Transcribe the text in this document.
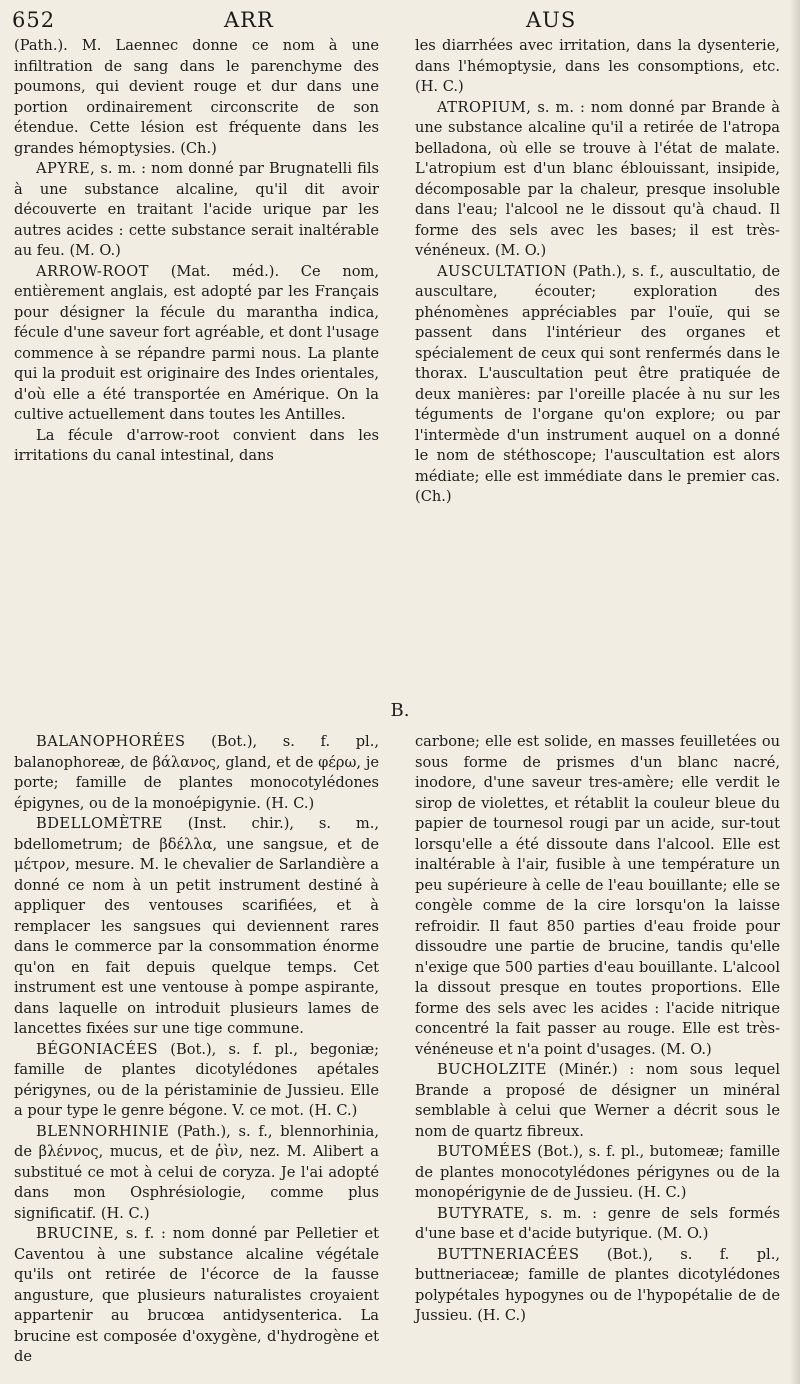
652	ARR	AUS

(Path.). M. Laennec donne ce nom à une infiltration de sang dans le parenchyme des poumons, qui devient rouge et dur dans une portion ordinairement circonscrite de son étendue. Cette lésion est fréquente dans les grandes hémoptysies. (Ch.)

APYRE, s. m. : nom donné par Brugnatelli fils à une substance alcaline, qu'il dit avoir découverte en traitant l'acide urique par les autres acides : cette substance serait inaltérable au feu. (M. O.)

ARROW-ROOT (Mat. méd.). Ce nom, entièrement anglais, est adopté par les Français pour désigner la fécule du marantha indica, fécule d'une saveur fort agréable, et dont l'usage commence à se répandre parmi nous. La plante qui la produit est originaire des Indes orientales, d'où elle a été transportée en Amérique. On la cultive actuellement dans toutes les Antilles.

La fécule d'arrow-root convient dans les irritations du canal intestinal, dans

les diarrhées avec irritation, dans la dysenterie, dans l'hémoptysie, dans les consomptions, etc. (H. C.)

ATROPIUM, s. m. : nom donné par Brande à une substance alcaline qu'il a retirée de l'atropa belladona, où elle se trouve à l'état de malate. L'atropium est d'un blanc éblouissant, insipide, décomposable par la chaleur, presque insoluble dans l'eau; l'alcool ne le dissout qu'à chaud. Il forme des sels avec les bases; il est très-vénéneux. (M. O.)

AUSCULTATION (Path.), s. f., auscultatio, de auscultare, écouter; exploration des phénomènes appréciables par l'ouïe, qui se passent dans l'intérieur des organes et spécialement de ceux qui sont renfermés dans le thorax. L'auscultation peut être pratiquée de deux manières: par l'oreille placée à nu sur les téguments de l'organe qu'on explore; ou par l'intermède d'un instrument auquel on a donné le nom de stéthoscope; l'auscultation est alors médiate; elle est immédiate dans le premier cas. (Ch.)

B.

BALANOPHORÉES (Bot.), s. f. pl., balanophoreæ, de βάλανος, gland, et de φέρω, je porte; famille de plantes monocotylédones épigynes, ou de la monoépigynie. (H. C.)

BDELLOMÈTRE (Inst. chir.), s. m., bdellometrum; de βδέλλα, une sangsue, et de μέτρον, mesure. M. le chevalier de Sarlandière a donné ce nom à un petit instrument destiné à appliquer des ventouses scarifiées, et à remplacer les sangsues qui deviennent rares dans le commerce par la consommation énorme qu'on en fait depuis quelque temps. Cet instrument est une ventouse à pompe aspirante, dans laquelle on introduit plusieurs lames de lancettes fixées sur une tige commune.

BÉGONIACÉES (Bot.), s. f. pl., begoniæ; famille de plantes dicotylédones apétales périgynes, ou de la péristaminie de Jussieu. Elle a pour type le genre bégone. V. ce mot. (H. C.)

BLENNORHINIE (Path.), s. f., blennorhinia, de βλέννος, mucus, et de ῥὶν, nez. M. Alibert a substitué ce mot à celui de coryza. Je l'ai adopté dans mon Osphrésiologie, comme plus significatif. (H. C.)

BRUCINE, s. f. : nom donné par Pelletier et Caventou à une substance alcaline végétale qu'ils ont retirée de l'écorce de la fausse angusture, que plusieurs naturalistes croyaient appartenir au brucœa antidysenterica. La brucine est composée d'oxygène, d'hydrogène et de

carbone; elle est solide, en masses feuilletées ou sous forme de prismes d'un blanc nacré, inodore, d'une saveur tres-amère; elle verdit le sirop de violettes, et rétablit la couleur bleue du papier de tournesol rougi par un acide, sur-tout lorsqu'elle a été dissoute dans l'alcool. Elle est inaltérable à l'air, fusible à une température un peu supérieure à celle de l'eau bouillante; elle se congèle comme de la cire lorsqu'on la laisse refroidir. Il faut 850 parties d'eau froide pour dissoudre une partie de brucine, tandis qu'elle n'exige que 500 parties d'eau bouillante. L'alcool la dissout presque en toutes proportions. Elle forme des sels avec les acides : l'acide nitrique concentré la fait passer au rouge. Elle est très-vénéneuse et n'a point d'usages. (M. O.)

BUCHOLZITE (Minér.) : nom sous lequel Brande a proposé de désigner un minéral semblable à celui que Werner a décrit sous le nom de quartz fibreux.

BUTOMÉES (Bot.), s. f. pl., butomeæ; famille de plantes monocotylédones périgynes ou de la monopérigynie de de Jussieu. (H. C.)

BUTYRATE, s. m. : genre de sels formés d'une base et d'acide butyrique. (M. O.)

BUTTNERIACÉES (Bot.), s. f. pl., buttneriaceæ; famille de plantes dicotylédones polypétales hypogynes ou de l'hypopétalie de de Jussieu. (H. C.)
